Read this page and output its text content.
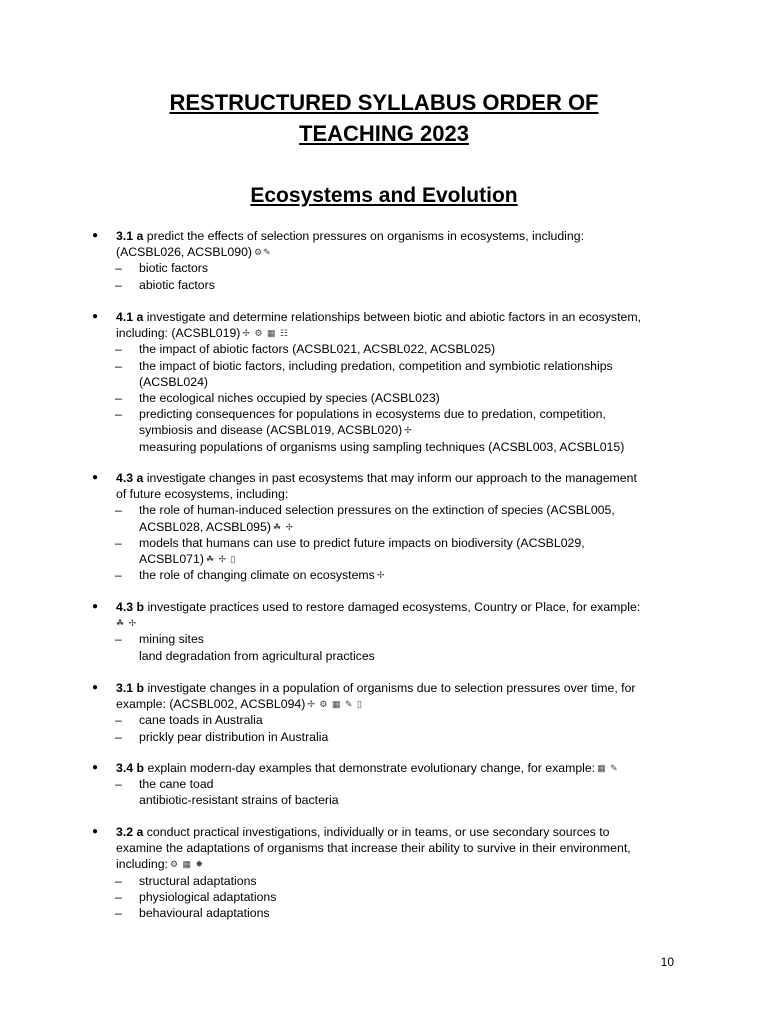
RESTRUCTURED SYLLABUS ORDER OF
TEACHING 2023
Ecosystems and Evolution
● 3.1 a predict the effects of selection pressures on organisms in ecosystems, including:
(ACSBL026, ACSBL090) ⚙✎
– biotic factors
– abiotic factors
● 4.1 a investigate and determine relationships between biotic and abiotic factors in an ecosystem,
including: (ACSBL019) ✢ ⚙ ▦ ☷
– the impact of abiotic factors (ACSBL021, ACSBL022, ACSBL025)
– the impact of biotic factors, including predation, competition and symbiotic relationships
(ACSBL024)
– the ecological niches occupied by species (ACSBL023)
– predicting consequences for populations in ecosystems due to predation, competition,
symbiosis and disease (ACSBL019, ACSBL020) ✢
measuring populations of organisms using sampling techniques (ACSBL003, ACSBL015)
● 4.3 a investigate changes in past ecosystems that may inform our approach to the management
of future ecosystems, including:
– the role of human-induced selection pressures on the extinction of species (ACSBL005,
ACSBL028, ACSBL095) ☘ ✢
– models that humans can use to predict future impacts on biodiversity (ACSBL029,
ACSBL071) ☘ ✢ ▯
– the role of changing climate on ecosystems ✢
● 4.3 b investigate practices used to restore damaged ecosystems, Country or Place, for example:
☘ ✢
– mining sites
land degradation from agricultural practices
● 3.1 b investigate changes in a population of organisms due to selection pressures over time, for
example: (ACSBL002, ACSBL094) ✢ ⚙ ▦ ✎ ▯
– cane toads in Australia
– prickly pear distribution in Australia
● 3.4 b explain modern-day examples that demonstrate evolutionary change, for example: ▦ ✎
– the cane toad
antibiotic-resistant strains of bacteria
● 3.2 a conduct practical investigations, individually or in teams, or use secondary sources to
examine the adaptations of organisms that increase their ability to survive in their environment,
including: ⚙ ▦ ✸
– structural adaptations
– physiological adaptations
– behavioural adaptations
10
